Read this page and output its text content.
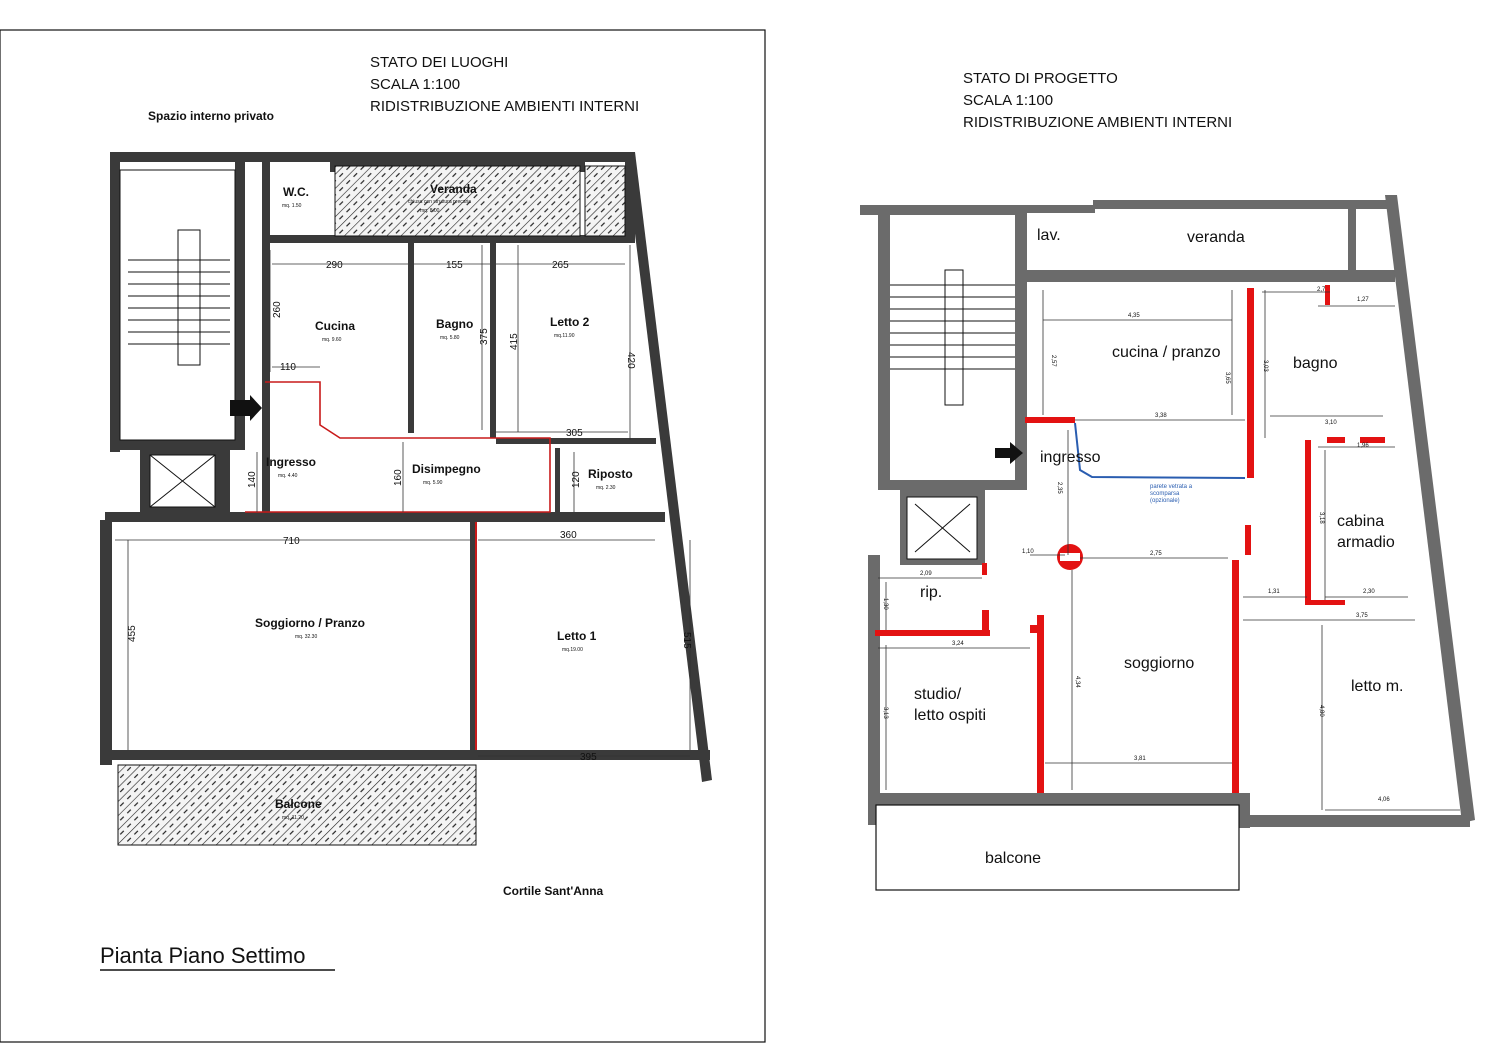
STATO DEI LUOGHI
SCALA 1:100
RIDISTRIBUZIONE AMBIENTI INTERNI
Spazio interno privato
W.C.
mq. 1.50
Veranda
chiusa con struttura precaria
mq. 8.00
Cucina
mq. 9.60
Bagno
mq. 5.80
Letto 2
mq.11.90
Ingresso
mq. 4.40	Disimpegno
mq. 5.90
Riposto
mq. 2.30
Soggiorno / Pranzo
mq. 32.30	Letto 1
mq.19.00
Balcone
mq. 11.20
290	155	265
110
305
710
360
395
260
375 415
420
140	160	120
455	515
Cortile Sant'Anna
Pianta Piano Settimo
STATO DI PROGETTO
SCALA 1:100
RIDISTRIBUZIONE AMBIENTI INTERNI
parete vetrata a
scomparsa
(opzionale)
lav.	veranda
cucina / pranzo
bagno
ingresso
cabina
armadio
rip.
soggiorno
studio/
letto ospiti
letto m.
balcone
4,35
3,38
3,10
2,7
1,27
1,96
2,75
1,10
2,09
3,24
3,81
1,31	2,30
3,75
4,06
2,57
3,65
3,03
2,35
1,30
3,13
4,34
3,18
4,80
